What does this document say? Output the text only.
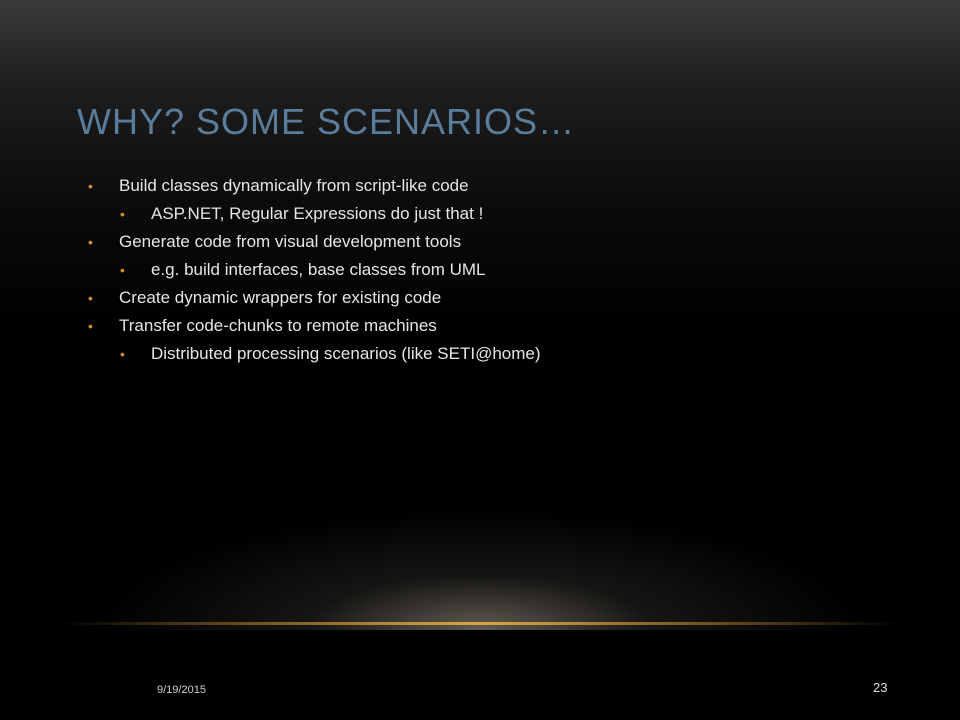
WHY? SOME SCENARIOS…
•	Build classes dynamically from script-like code
•	ASP.NET, Regular Expressions do just that !
•	Generate code from visual development tools
•	e.g. build interfaces, base classes from UML
•	Create dynamic wrappers for existing code
•	Transfer code-chunks to remote machines
•	Distributed processing scenarios (like SETI@home)
9/19/2015	23
